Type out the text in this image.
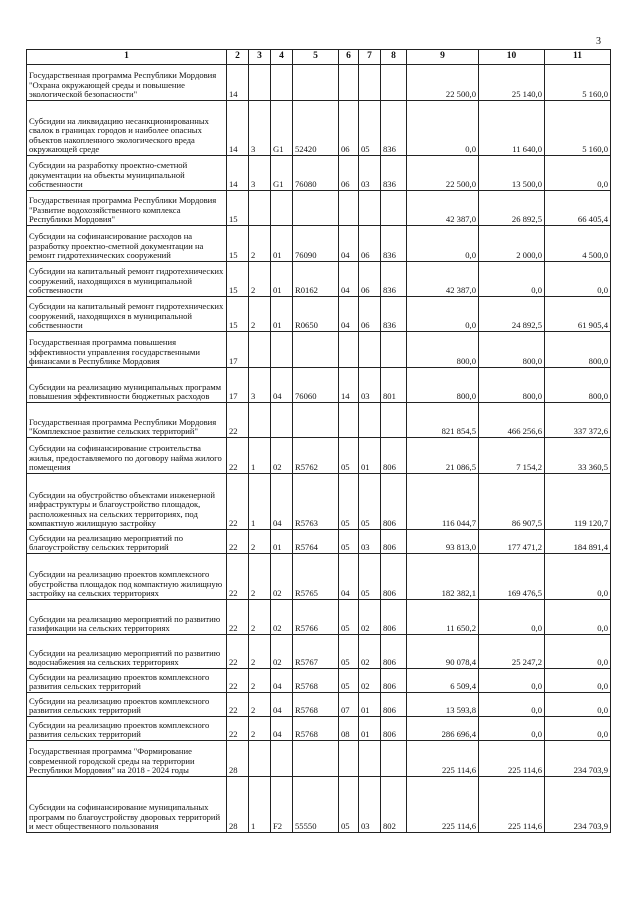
3
1	2	3	4	5	6	7	8	9	10	11
Государственная программа Республики Мордовия "Охрана окружающей среды и повышение экологической безопасности"	14							22 500,0	25 140,0	5 160,0
Субсидии на ликвидацию несанкционированных свалок в границах городов и наиболее опасных объектов накопленного экологического вреда окружающей среде	14	3	G1	52420	06	05	836	0,0	11 640,0	5 160,0
Субсидии на разработку проектно-сметной документации на объекты муниципальной собственности	14	3	G1	76080	06	03	836	22 500,0	13 500,0	0,0
Государственная программа Республики Мордовия "Развитие водохозяйственного комплекса Республики Мордовия"	15							42 387,0	26 892,5	66 405,4
Субсидии на софинансирование расходов на разработку проектно-сметной документации на ремонт гидротехнических сооружений	15	2	01	76090	04	06	836	0,0	2 000,0	4 500,0
Субсидии на капитальный ремонт гидротехнических сооружений, находящихся в муниципальной собственности	15	2	01	R0162	04	06	836	42 387,0	0,0	0,0
Субсидии на капитальный ремонт гидротехнических сооружений, находящихся в муниципальной собственности	15	2	01	R0650	04	06	836	0,0	24 892,5	61 905,4
Государственная программа повышения эффективности управления государственными финансами в Республике Мордовия	17							800,0	800,0	800,0
Субсидии на реализацию муниципальных программ повышения эффективности бюджетных расходов	17	3	04	76060	14	03	801	800,0	800,0	800,0
Государственная программа Республики Мордовия "Комплексное развитие сельских территорий"	22							821 854,5	466 256,6	337 372,6
Субсидии на софинансирование строительства жилья, предоставляемого по договору найма жилого помещения	22	1	02	R5762	05	01	806	21 086,5	7 154,2	33 360,5
Субсидии на обустройство объектами инженерной инфраструктуры и благоустройство площадок, расположенных на сельских территориях, под компактную жилищную застройку	22	1	04	R5763	05	05	806	116 044,7	86 907,5	119 120,7
Субсидии на реализацию мероприятий по благоустройству сельских территорий	22	2	01	R5764	05	03	806	93 813,0	177 471,2	184 891,4
Субсидии на реализацию проектов комплексного обустройства площадок под компактную жилищную застройку на сельских территориях	22	2	02	R5765	04	05	806	182 382,1	169 476,5	0,0
Субсидии на реализацию мероприятий по развитию газификации на сельских территориях	22	2	02	R5766	05	02	806	11 650,2	0,0	0,0
Субсидии на реализацию мероприятий по развитию водоснабжения на сельских территориях	22	2	02	R5767	05	02	806	90 078,4	25 247,2	0,0
Субсидии на реализацию проектов комплексного развития сельских территорий	22	2	04	R5768	05	02	806	6 509,4	0,0	0,0
Субсидии на реализацию проектов комплексного развития сельских территорий	22	2	04	R5768	07	01	806	13 593,8	0,0	0,0
Субсидии на реализацию проектов комплексного развития сельских территорий	22	2	04	R5768	08	01	806	286 696,4	0,0	0,0
Государственная программа "Формирование современной городской среды на территории Республики Мордовия" на 2018 - 2024 годы	28							225 114,6	225 114,6	234 703,9
Субсидии на софинансирование муниципальных программ по благоустройству дворовых территорий и мест общественного пользования	28	1	F2	55550	05	03	802	225 114,6	225 114,6	234 703,9
